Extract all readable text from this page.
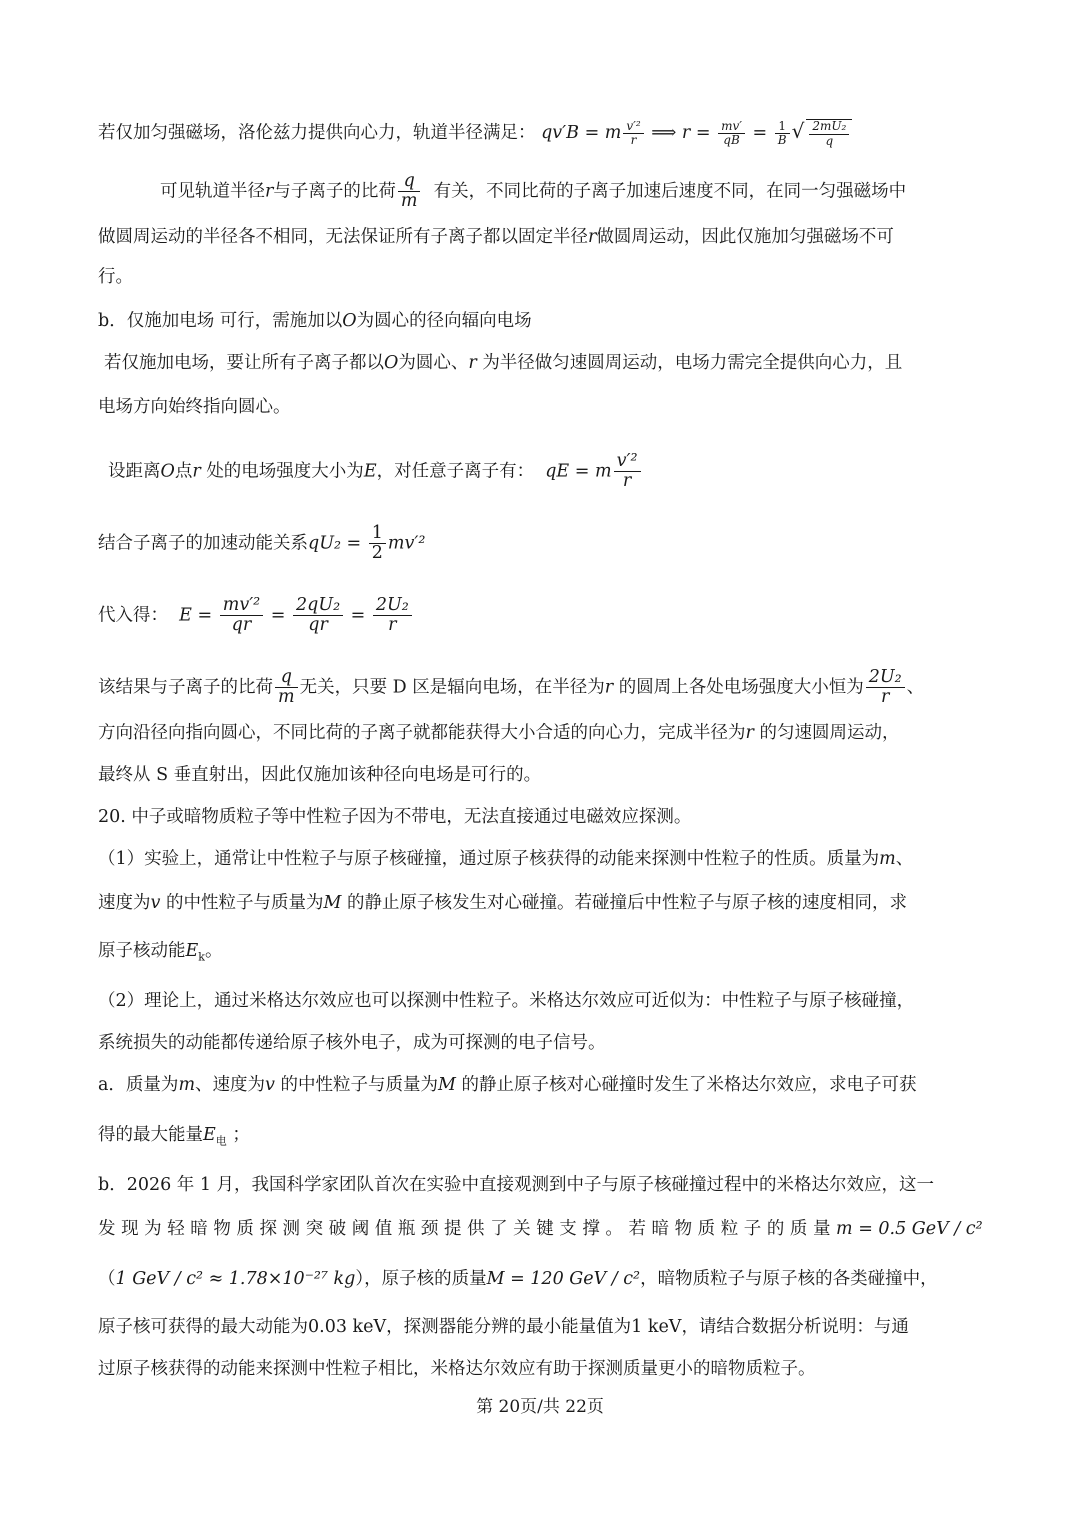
若仅加匀强磁场，洛伦兹力提供向心力，轨道半径满足： qv′B = m $\frac{\text{v′²}}{r}$ ⟹ $r = \frac{mv'}{qB} = \frac{1}{B}$ √ $\frac{\text{2mU₂}}{q}$
可见轨道半径r与子离子的比荷 $\frac{q}{m}$ 有关，不同比荷的子离子加速后速度不同，在同一匀强磁场中
做圆周运动的半径各不相同，无法保证所有子离子都以固定半径r做圆周运动，因此仅施加匀强磁场不可
行。
b．仅施加电场 可行，需施加以O为圆心的径向辐向电场
若仅施加电场，要让所有子离子都以O为圆心、r 为半径做匀速圆周运动，电场力需完全提供向心力，且
电场方向始终指向圆心。
设距离O点r 处的电场强度大小为E，对任意子离子有： qE = m $\frac{\text{v′²}}{r}$
结合子离子的加速动能关系$qU_2 = \frac{1}{2} mv'^2$
代入得： $E = \frac{\text{mv′²}}{qr} = \frac{\text{2qU₂}}{qr} = \frac{\text{2U₂}}{r}$
该结果与子离子的比荷 $\frac{q}{m}$ 无关，只要 D 区是辐向电场，在半径为r 的圆周上各处电场强度大小恒为 $\frac{\text{2U₂}}{r}$ 、
方向沿径向指向圆心，不同比荷的子离子就都能获得大小合适的向心力，完成半径为r 的匀速圆周运动，
最终从 S 垂直射出，因此仅施加该种径向电场是可行的。
20. 中子或暗物质粒子等中性粒子因为不带电，无法直接通过电磁效应探测。
（1）实验上，通常让中性粒子与原子核碰撞，通过原子核获得的动能来探测中性粒子的性质。质量为m、
速度为v 的中性粒子与质量为M 的静止原子核发生对心碰撞。若碰撞后中性粒子与原子核的速度相同，求
原子核动能$E_k$。
（2）理论上，通过米格达尔效应也可以探测中性粒子。米格达尔效应可近似为：中性粒子与原子核碰撞，
系统损失的动能都传递给原子核外电子，成为可探测的电子信号。
a．质量为m、速度为v 的中性粒子与质量为M 的静止原子核对心碰撞时发生了米格达尔效应，求电子可获
得的最大能量$E_电$ ；
b．2026 年 1 月，我国科学家团队首次在实验中直接观测到中子与原子核碰撞过程中的米格达尔效应，这一
发 现 为 轻 暗 物 质 探 测 突 破 阈 值 瓶 颈 提 供 了 关 键 支 撑 。 若 暗 物 质 粒 子 的 质 量 m = 0.5 GeV / c²
（1 GeV / c² ≈ 1.78×10⁻²⁷ kg），原子核的质量M = 120 GeV / c²，暗物质粒子与原子核的各类碰撞中，
原子核可获得的最大动能为0.03 keV，探测器能分辨的最小能量值为1 keV，请结合数据分析说明：与通
过原子核获得的动能来探测中性粒子相比，米格达尔效应有助于探测质量更小的暗物质粒子。
第 20页/共 22页
